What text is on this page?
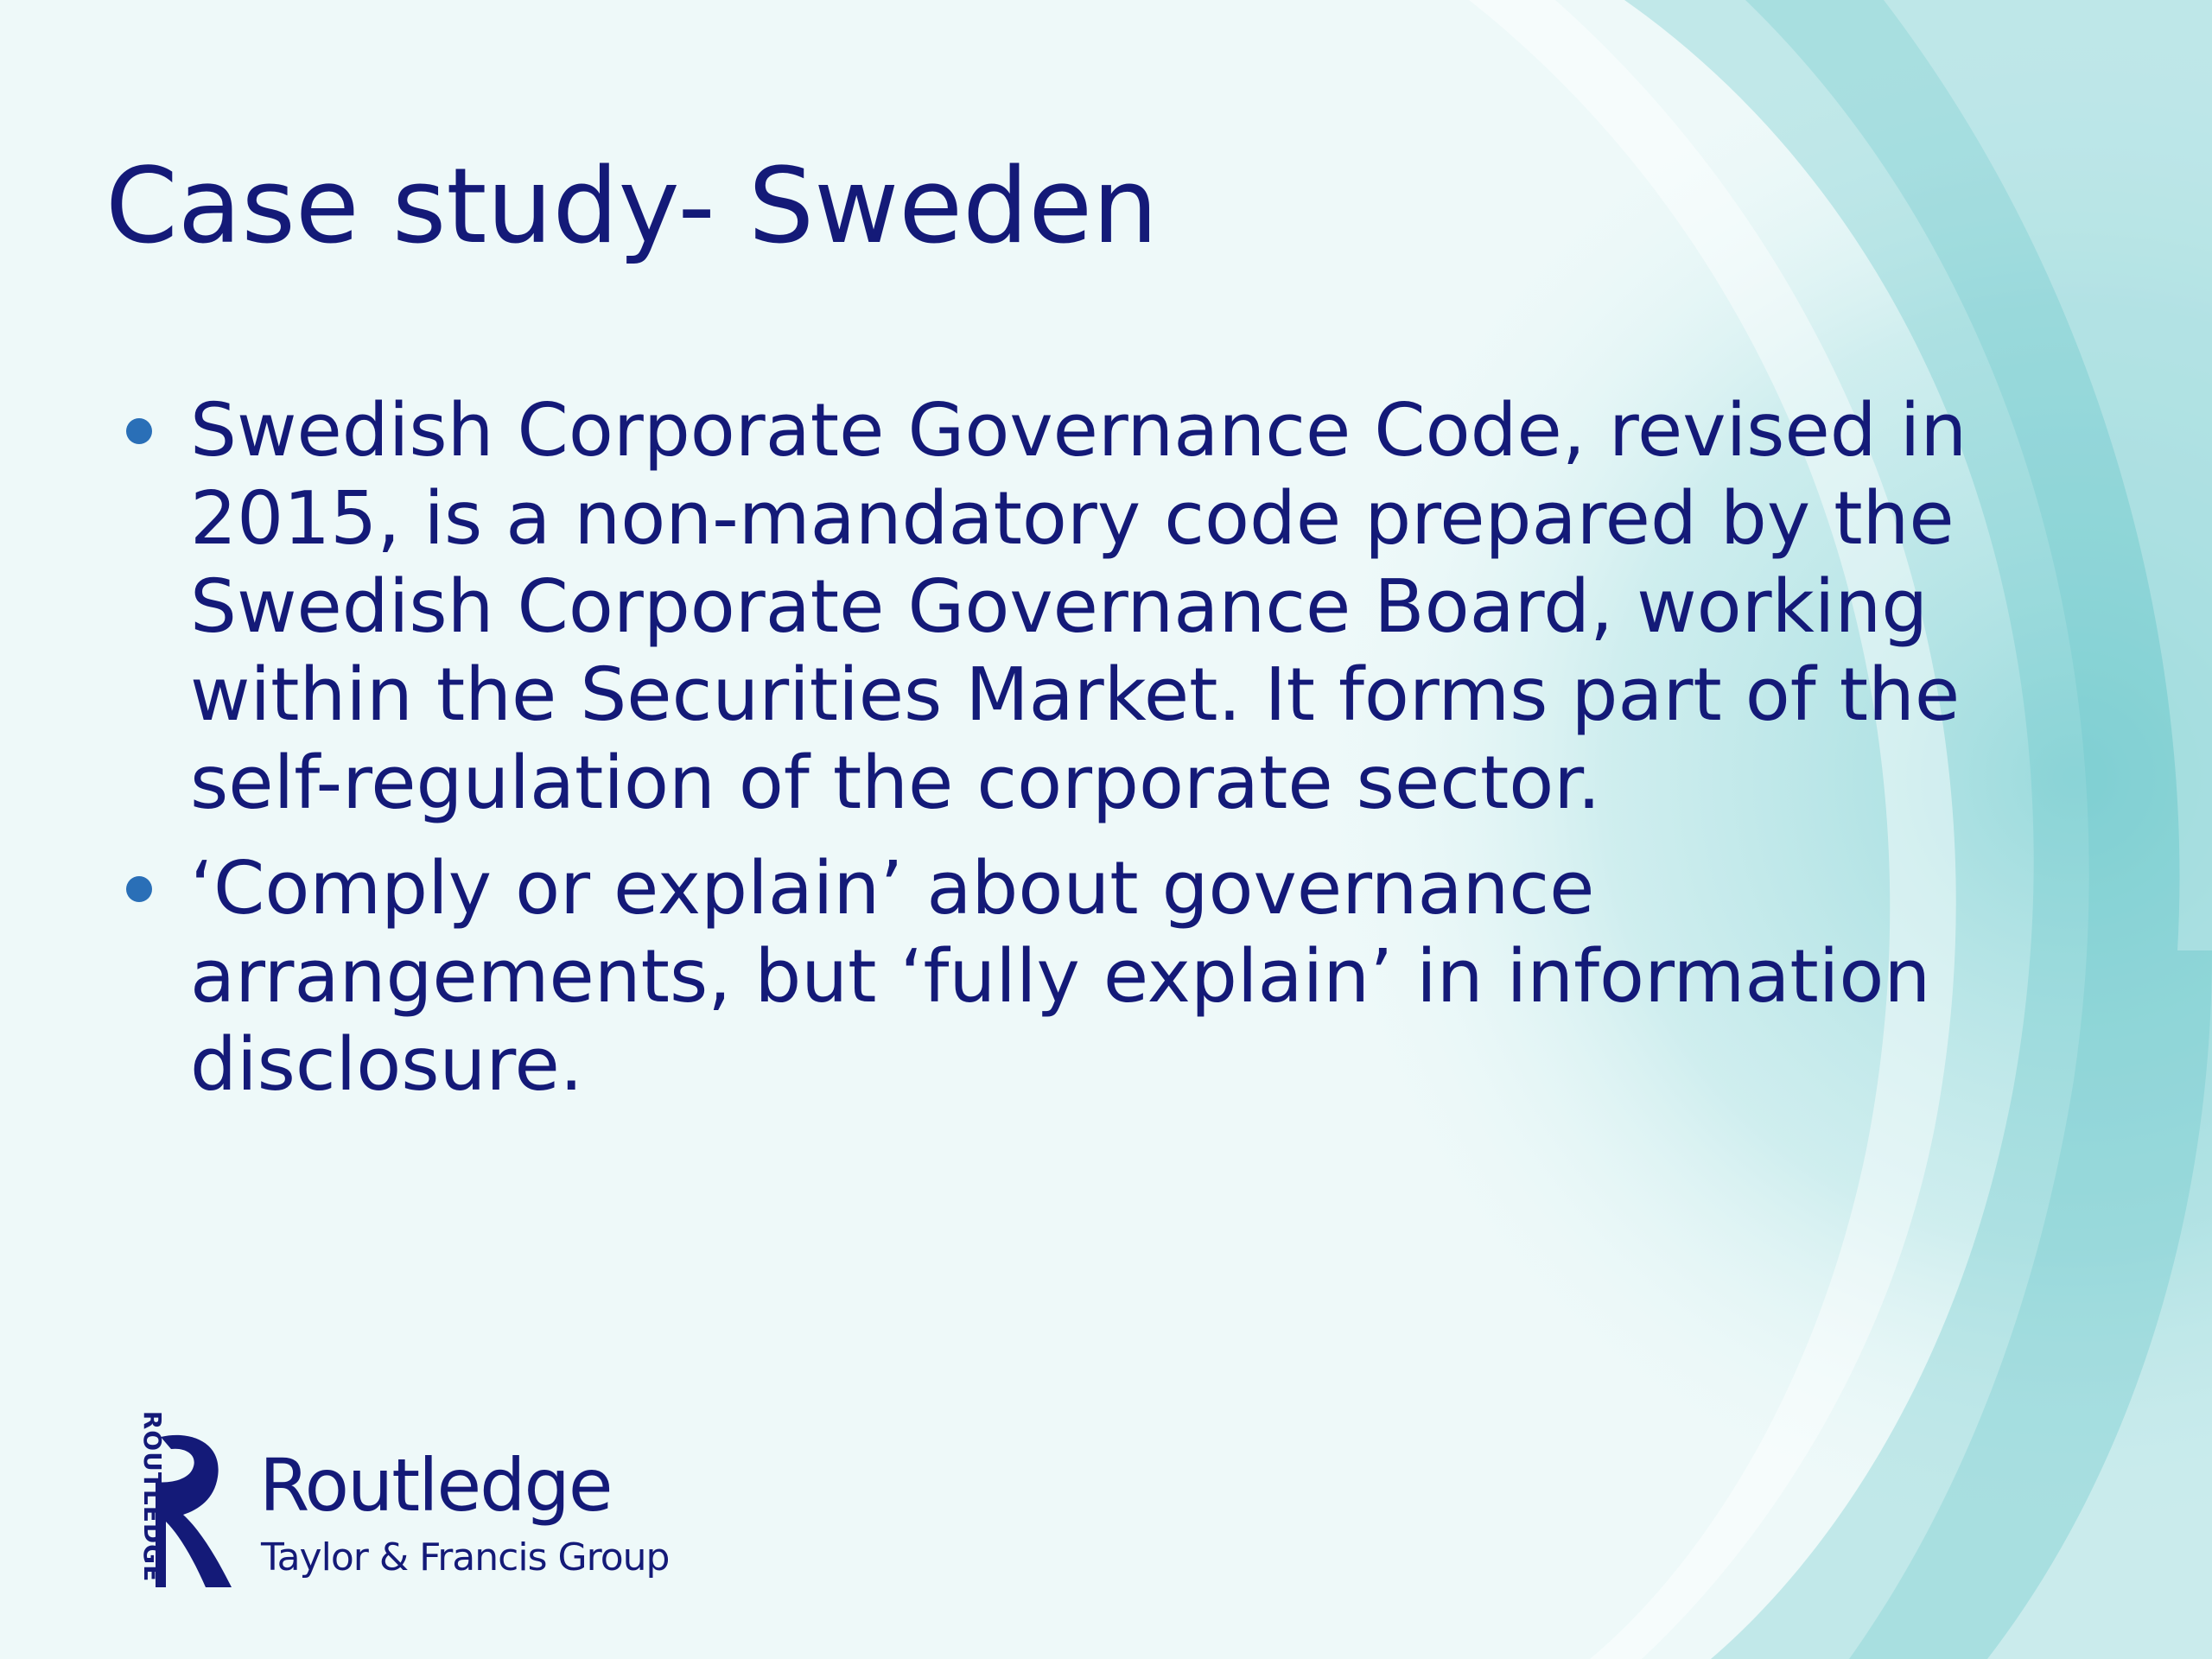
Case study- Sweden
Swedish Corporate Governance Code, revised in 2015, is a non-mandatory code prepared by the Swedish Corporate Governance Board, working within the Securities Market. It forms part of the self-regulation of the corporate sector.
‘Comply or explain’ about governance arrangements, but ‘fully explain’ in information disclosure.
ROUTLEDGE Routledge
Taylor & Francis Group
